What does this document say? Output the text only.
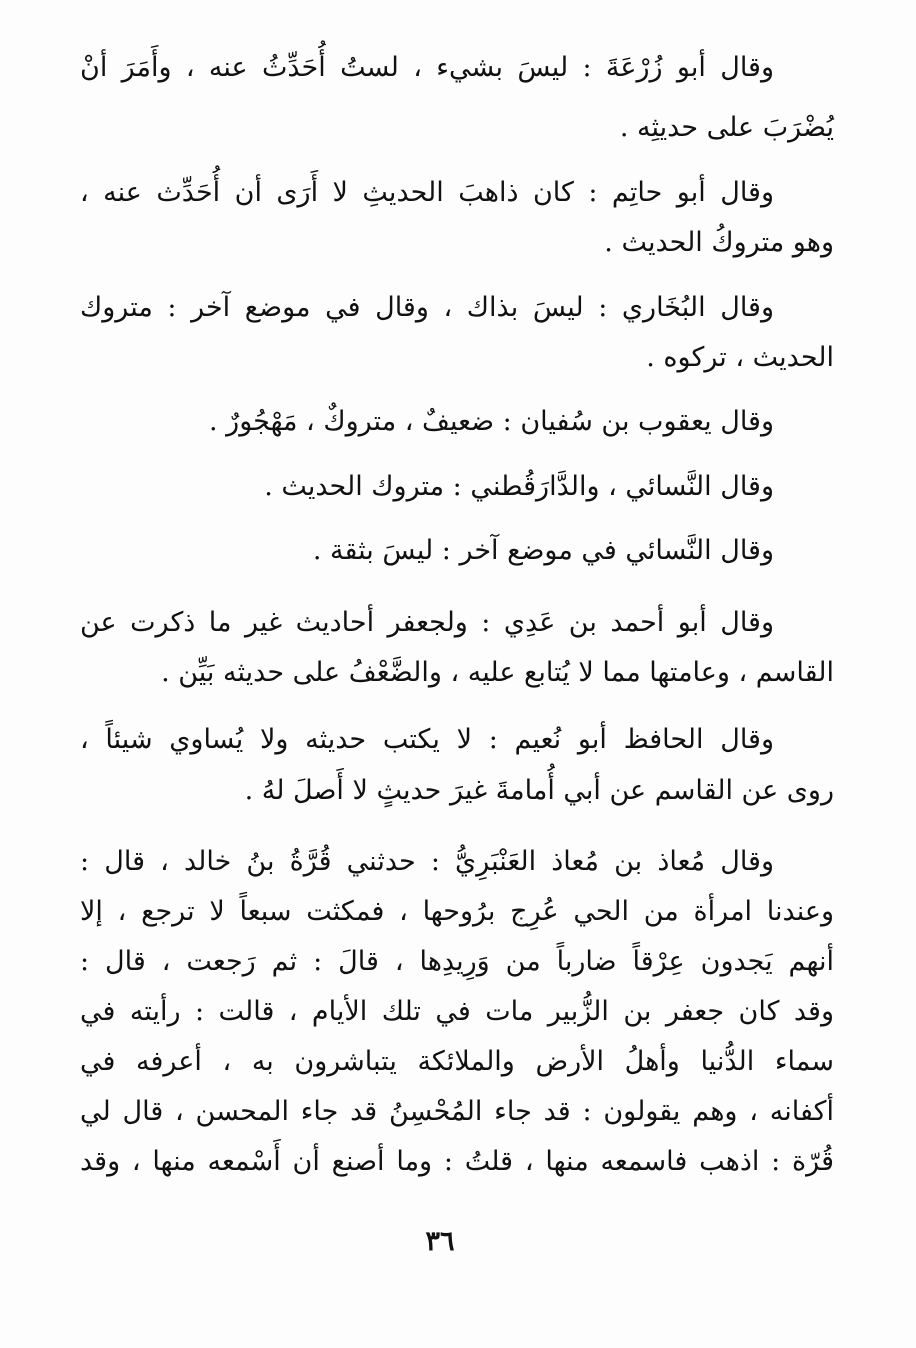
وقال أبو زُرْعَةَ : ليسَ بشيء ، لستُ أُحَدِّثُ عنه ، وأَمَرَ أنْ
يُضْرَبَ على حديثِه .
وقال أبو حاتِم : كان ذاهبَ الحديثِ لا أَرَى أن أُحَدِّث عنه ،
وهو متروكُ الحديث .
وقال البُخَاري : ليسَ بذاك ، وقال في موضع آخر : متروك
الحديث ، تركوه .
وقال يعقوب بن سُفيان : ضعيفٌ ، متروكٌ ، مَهْجُورٌ .
وقال النَّسائي ، والدَّارَقُطني : متروك الحديث .
وقال النَّسائي في موضع آخر : ليسَ بثقة .
وقال أبو أحمد بن عَدِي : ولجعفر أحاديث غير ما ذكرت عن
القاسم ، وعامتها مما لا يُتابع عليه ، والضَّعْفُ على حديثه بَيِّن .
وقال الحافظ أبو نُعيم : لا يكتب حديثه ولا يُساوي شيئاً ،
روى عن القاسم عن أبي أُمامةَ غيرَ حديثٍ لا أَصلَ لهُ .
وقال مُعاذ بن مُعاذ العَنْبَرِيُّ : حدثني قُرَّةُ بنُ خالد ، قال :
وعندنا امرأة من الحي عُرِج برُوحها ، فمكثت سبعاً لا ترجع ، إلا
أنهم يَجدون عِرْقاً ضارباً من وَرِيدِها ، قالَ : ثم رَجعت ، قال :
وقد كان جعفر بن الزُّبير مات في تلك الأيام ، قالت : رأيته في
سماء الدُّنيا وأهلُ الأرض والملائكة يتباشرون به ، أعرفه في
أكفانه ، وهم يقولون : قد جاء المُحْسِنُ قد جاء المحسن ، قال لي
قُرّة : اذهب فاسمعه منها ، قلتُ : وما أصنع أن أَسْمعه منها ، وقد
٣٦
